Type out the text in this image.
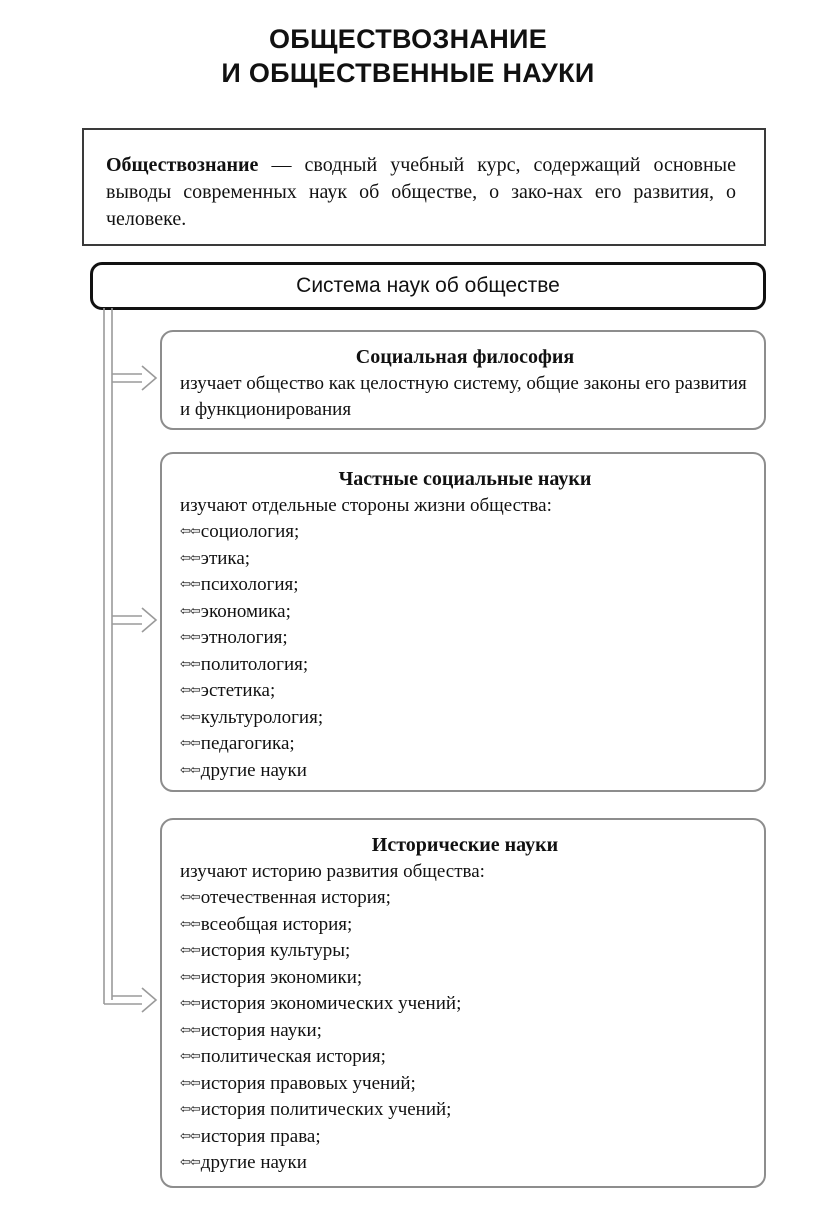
ОБЩЕСТВОЗНАНИЕ
И ОБЩЕСТВЕННЫЕ НАУКИ
Обществознание — сводный учебный курс, содержащий основные выводы современных наук об обществе, о зако-нах его развития, о человеке.
Система наук об обществе
Социальная философия
изучает общество как целостную систему, общие законы его развития и функционирования
Частные социальные науки
изучают отдельные стороны жизни общества:
⇦⇦ социология;
⇦⇦ этика;
⇦⇦ психология;
⇦⇦ экономика;
⇦⇦ этнология;
⇦⇦ политология;
⇦⇦ эстетика;
⇦⇦ культурология;
⇦⇦ педагогика;
⇦⇦ другие науки
Исторические науки
изучают историю развития общества:
⇦⇦ отечественная история;
⇦⇦ всеобщая история;
⇦⇦ история культуры;
⇦⇦ история экономики;
⇦⇦ история экономических учений;
⇦⇦ история науки;
⇦⇦ политическая история;
⇦⇦ история правовых учений;
⇦⇦ история политических учений;
⇦⇦ история права;
⇦⇦ другие науки
